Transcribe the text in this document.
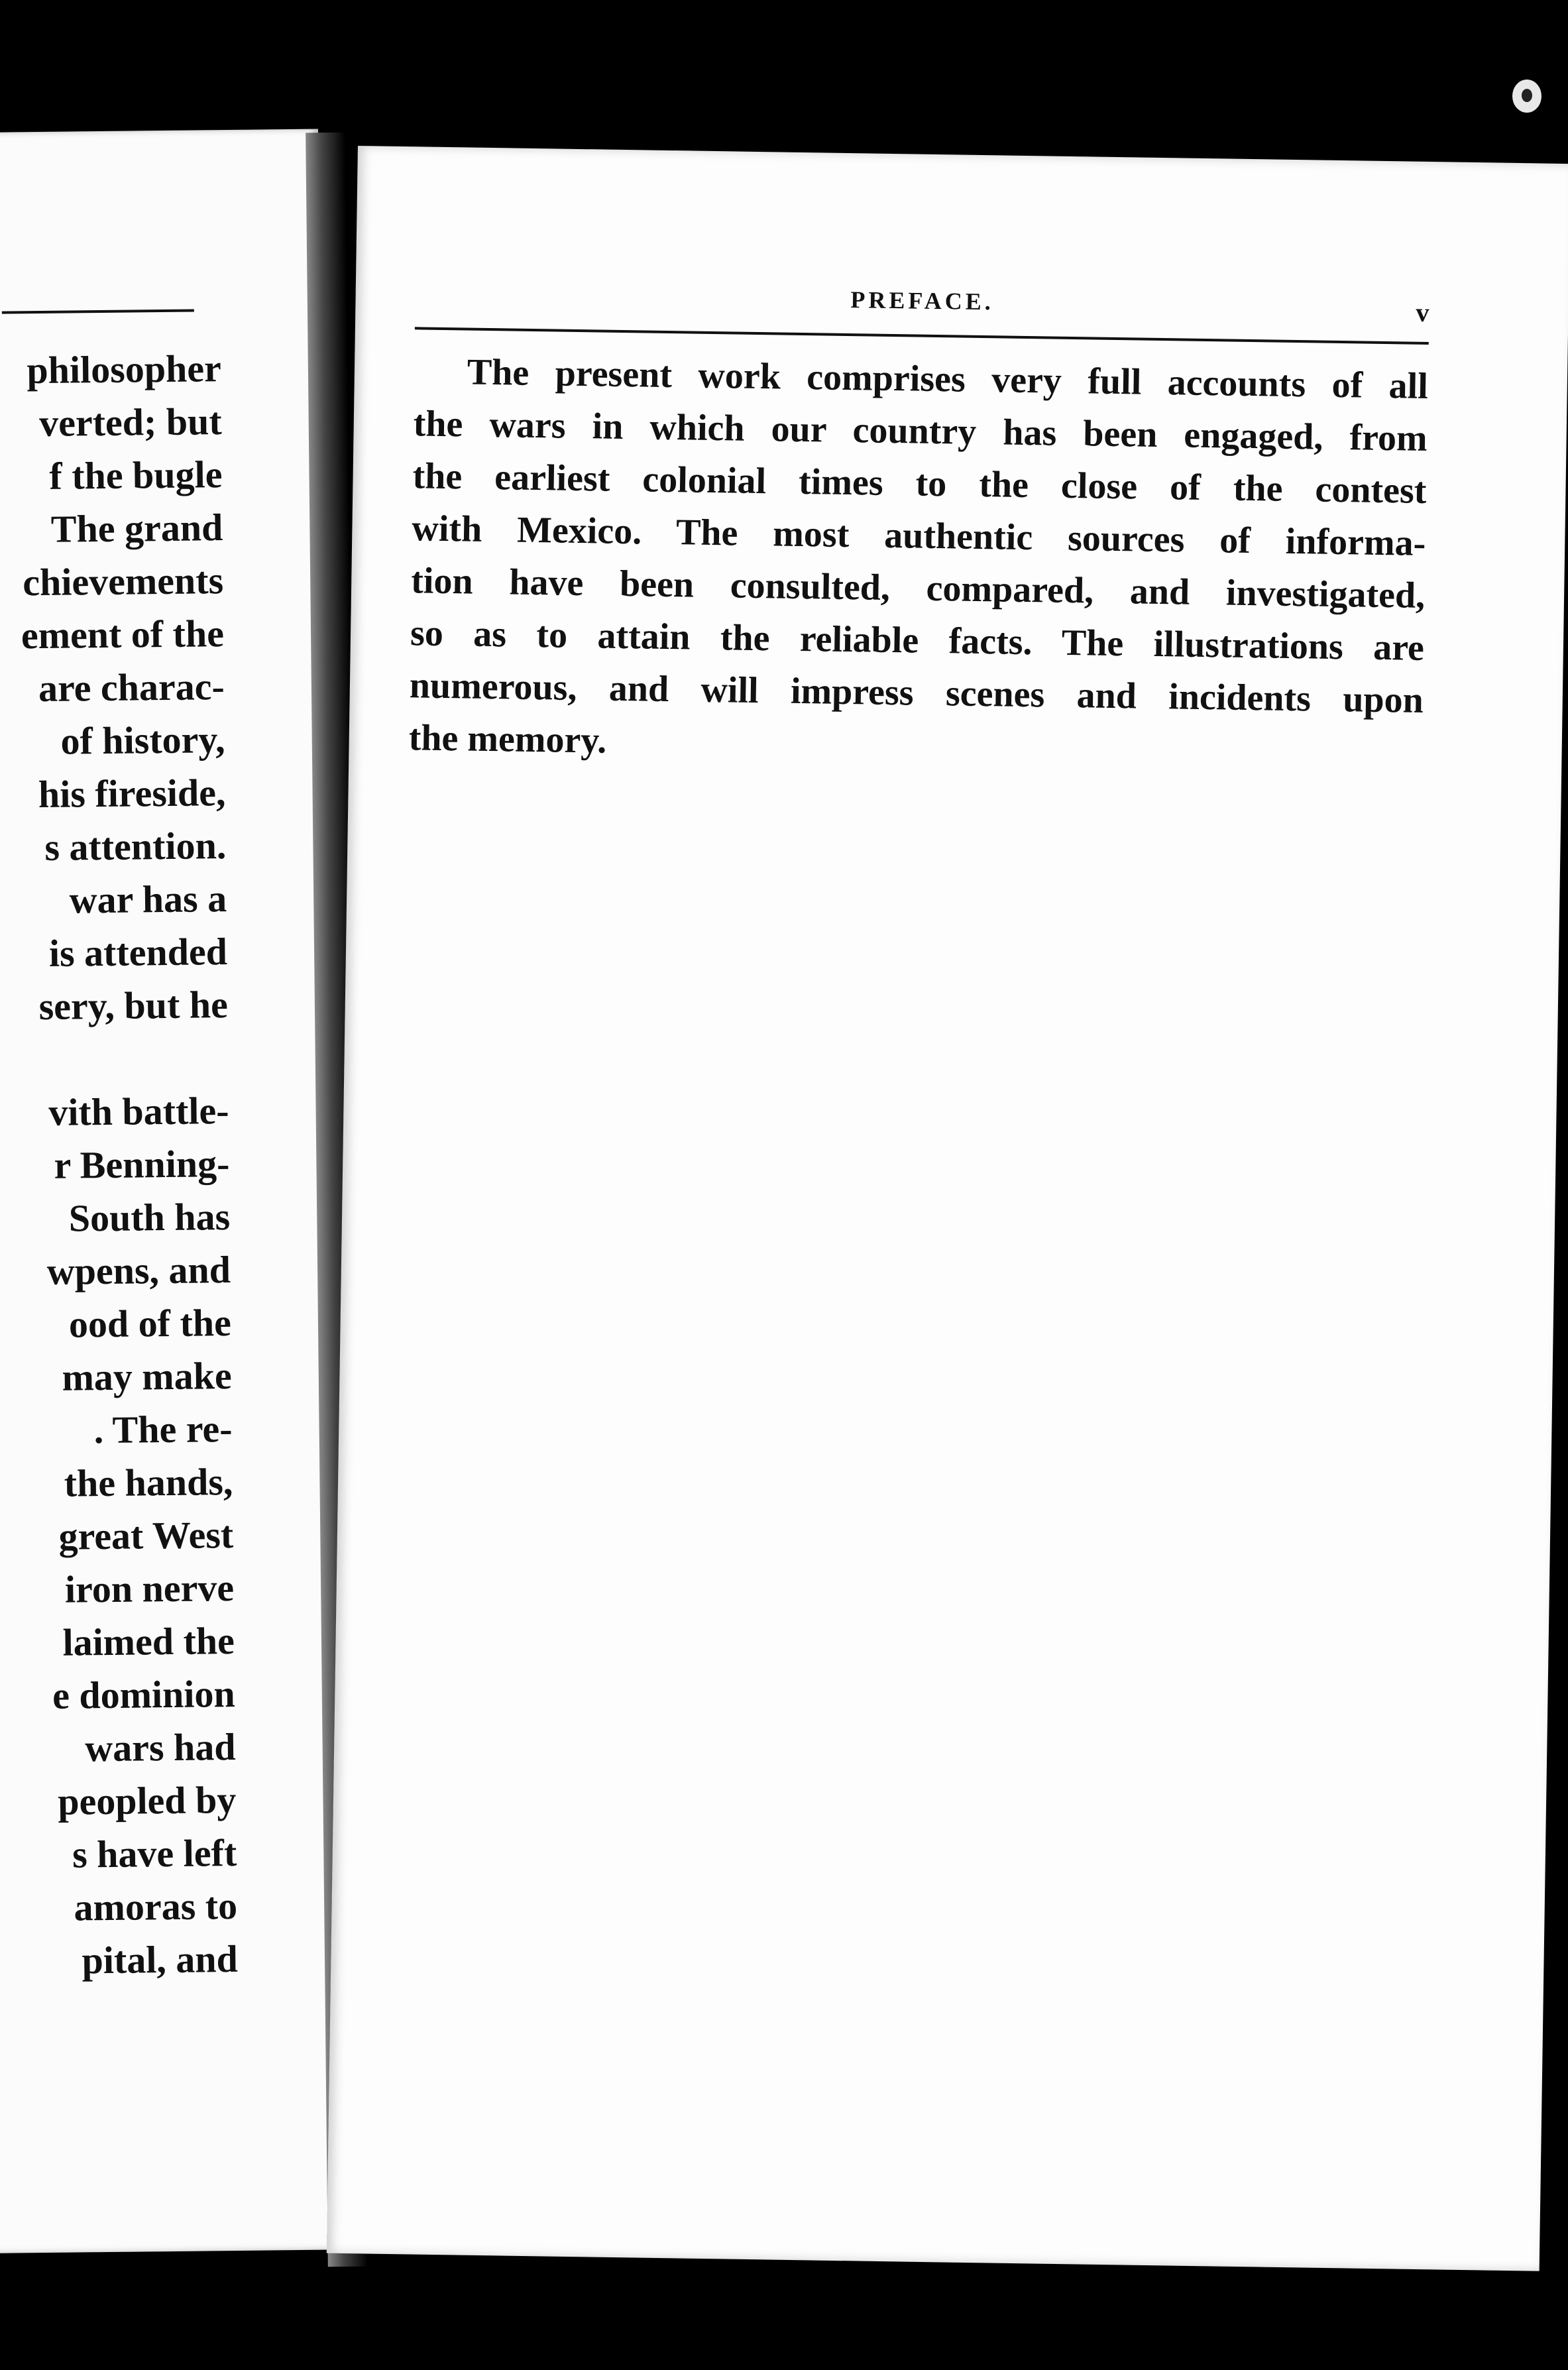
philosopher
verted; but
f the bugle
The grand
chievements
ement of the
are charac-
of history,
his fireside,
s attention.
war has a
is attended
sery, but he
vith battle-
r Benning-
South has
wpens, and
ood of the
may make
. The re-
the hands,
great West
iron nerve
laimed the
e dominion
wars had
peopled by
s have left
amoras to
pital, and
PREFACE.	v
The present work comprises very full accounts of all
the wars in which our country has been engaged, from
the earliest colonial times to the close of the contest
with Mexico. The most authentic sources of informa-
tion have been consulted, compared, and investigated,
so as to attain the reliable facts. The illustrations are
numerous, and will impress scenes and incidents upon
the memory.
